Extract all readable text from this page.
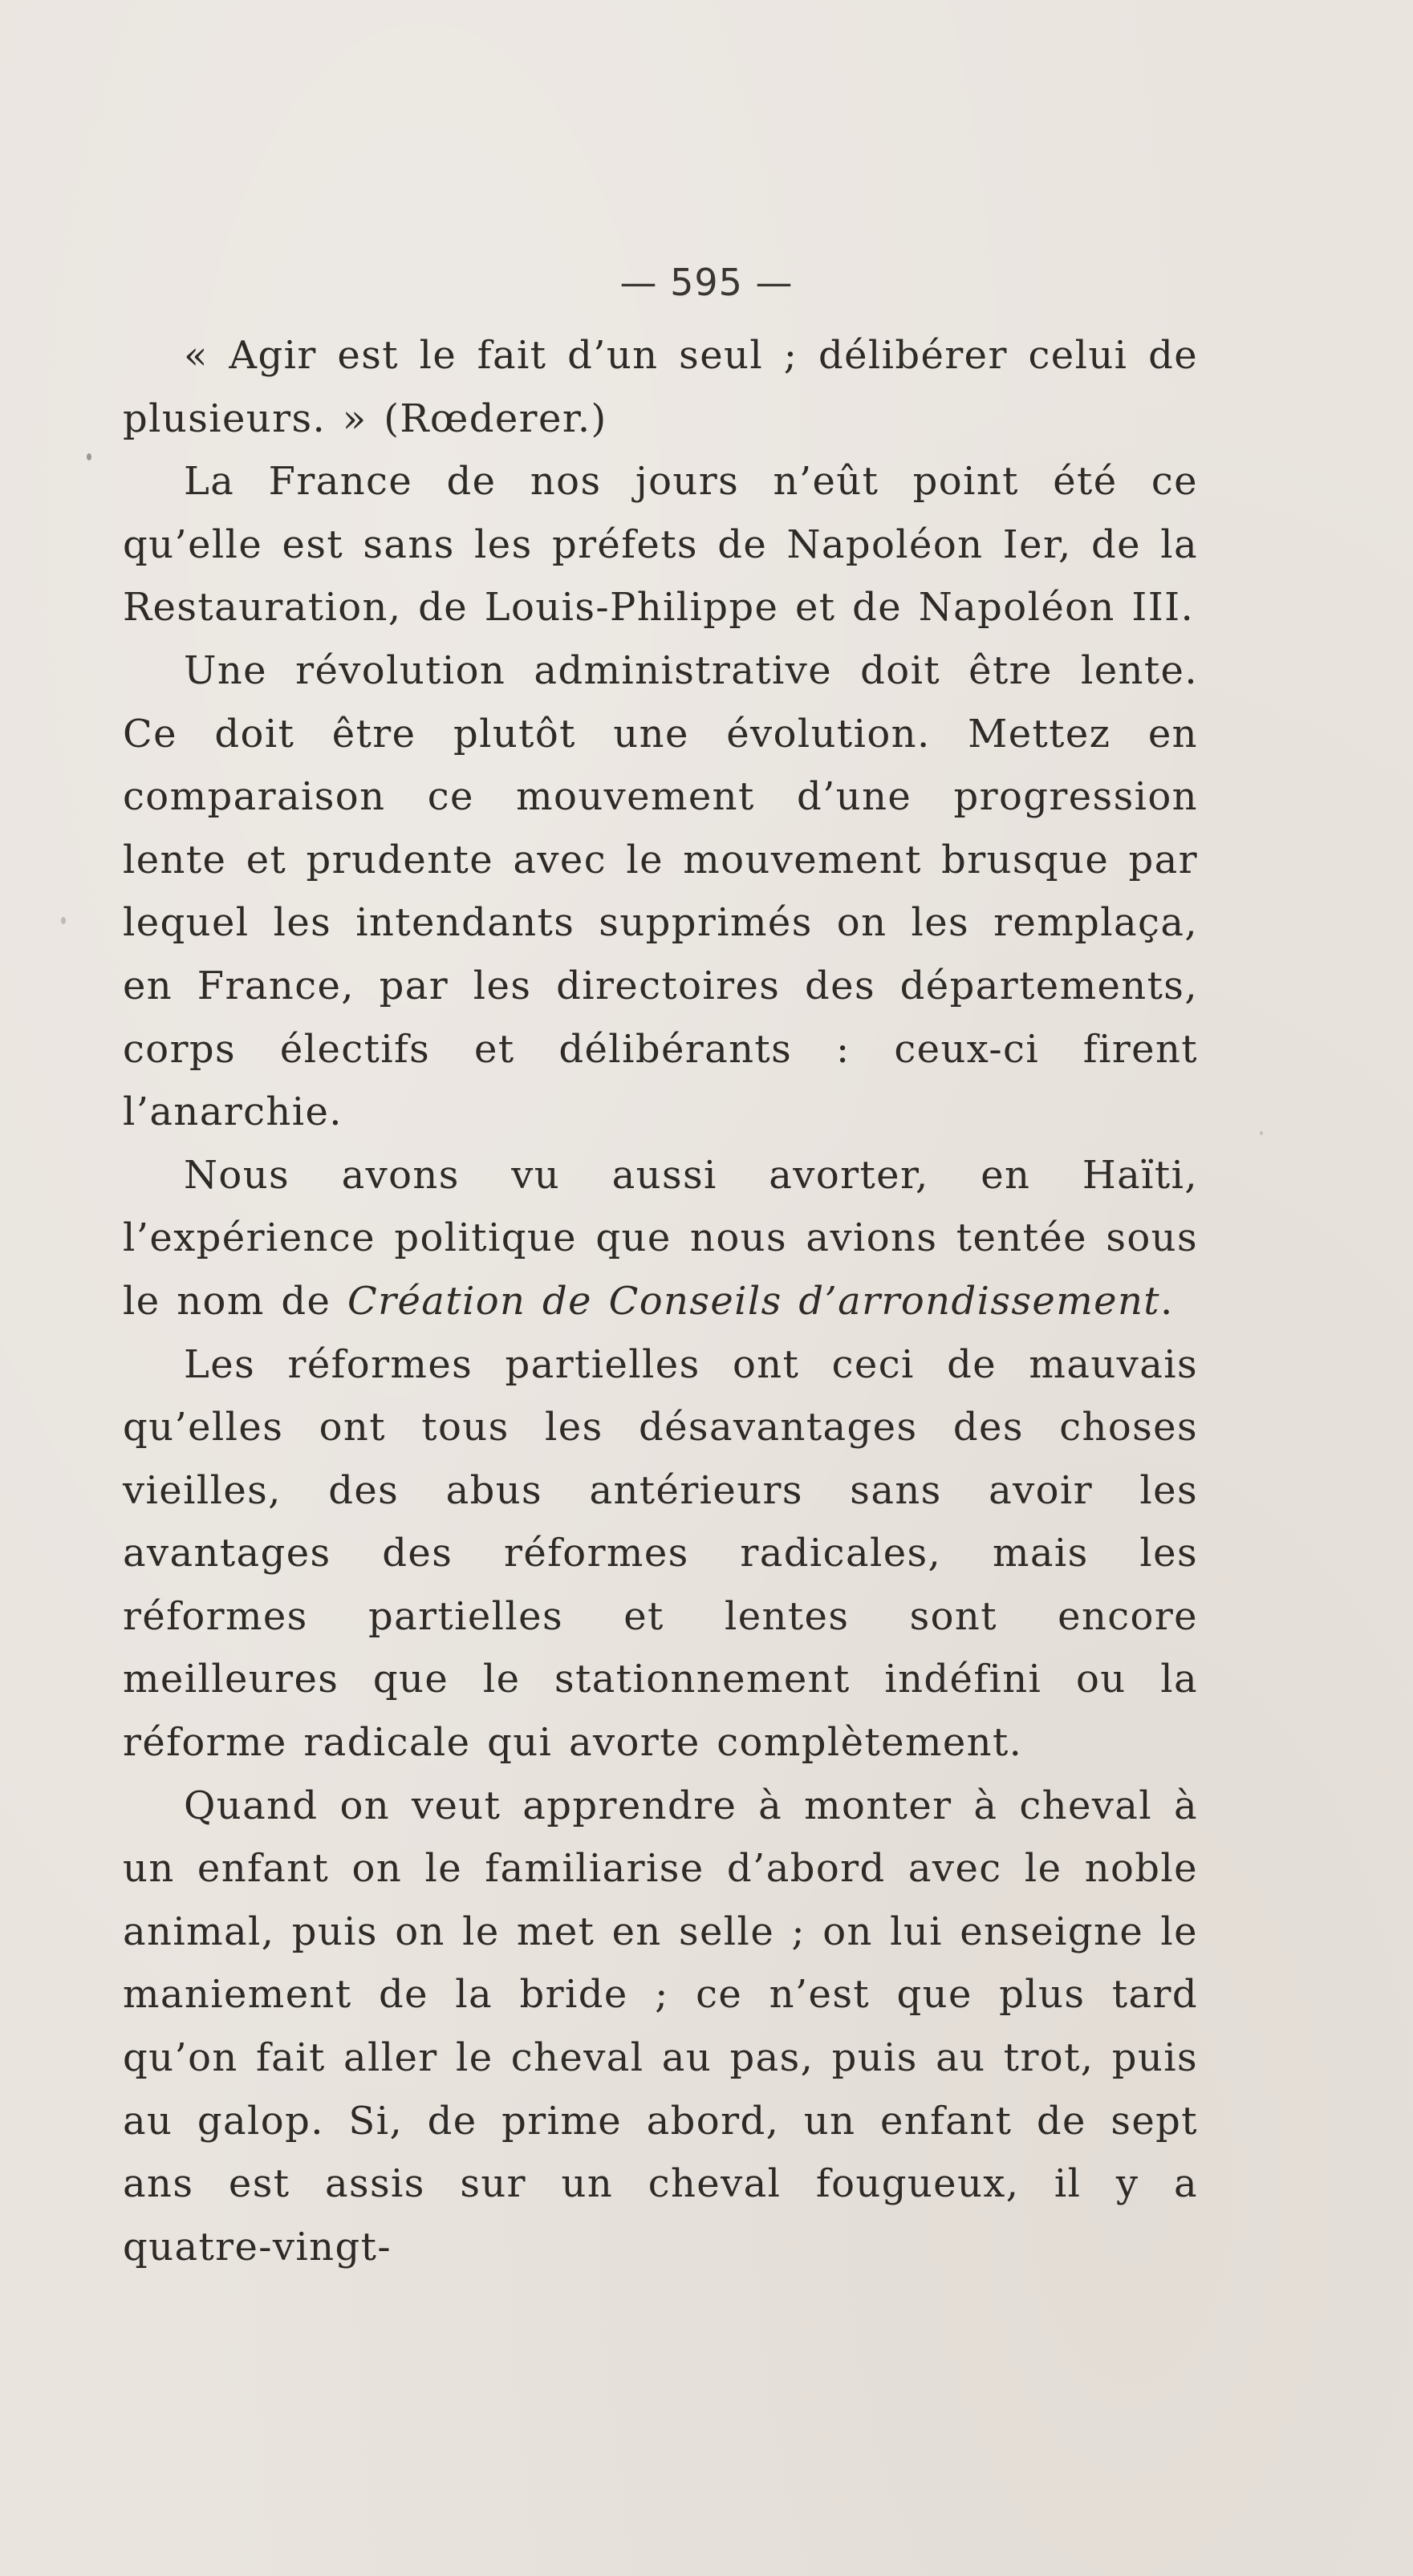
— 595 —

« Agir est le fait d’un seul ; délibérer celui de plusieurs. » (Rœderer.)

La France de nos jours n’eût point été ce qu’elle est sans les préfets de Napoléon Ier, de la Restauration, de Louis-Philippe et de Napoléon III.

Une révolution administrative doit être lente. Ce doit être plutôt une évolution. Mettez en comparaison ce mouvement d’une progression lente et prudente avec le mouvement brusque par lequel les intendants supprimés on les remplaça, en France, par les directoires des départements, corps électifs et délibérants : ceux-ci firent l’anarchie.

Nous avons vu aussi avorter, en Haïti, l’expérience politique que nous avions tentée sous le nom de Création de Conseils d’arrondissement.

Les réformes partielles ont ceci de mauvais qu’elles ont tous les désavantages des choses vieilles, des abus antérieurs sans avoir les avantages des réformes radicales, mais les réformes partielles et lentes sont encore meilleures que le stationnement indéfini ou la réforme radicale qui avorte complètement.

Quand on veut apprendre à monter à cheval à un enfant on le familiarise d’abord avec le noble animal, puis on le met en selle ; on lui enseigne le maniement de la bride ; ce n’est que plus tard qu’on fait aller le cheval au pas, puis au trot, puis au galop. Si, de prime abord, un enfant de sept ans est assis sur un cheval fougueux, il y a quatre-vingt-
